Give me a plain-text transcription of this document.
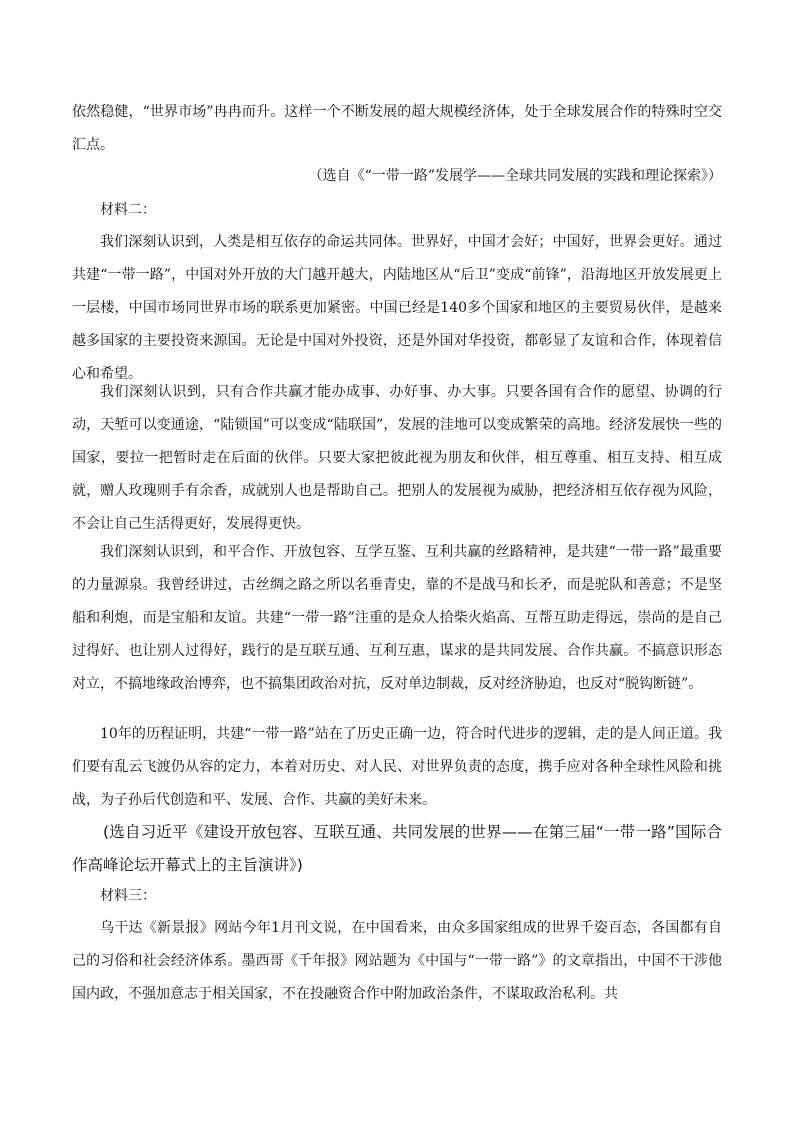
依然稳健，“世界市场”冉冉而升。这样一个不断发展的超大规模经济体，处于全球发展合作的特殊时空交汇点。
（选自《“一带一路”发展学——全球共同发展的实践和理论探索》）
材料二：
我们深刻认识到，人类是相互依存的命运共同体。世界好，中国才会好；中国好，世界会更好。通过共建“一带一路”，中国对外开放的大门越开越大，内陆地区从“后卫”变成“前锋”，沿海地区开放发展更上一层楼，中国市场同世界市场的联系更加紧密。中国已经是140多个国家和地区的主要贸易伙伴，是越来越多国家的主要投资来源国。无论是中国对外投资，还是外国对华投资，都彰显了友谊和合作，体现着信心和希望。
我们深刻认识到，只有合作共赢才能办成事、办好事、办大事。只要各国有合作的愿望、协调的行动，天堑可以变通途，“陆锁国”可以变成“陆联国”，发展的洼地可以变成繁荣的高地。经济发展快一些的国家，要拉一把暂时走在后面的伙伴。只要大家把彼此视为朋友和伙伴，相互尊重、相互支持、相互成就，赠人玫瑰则手有余香，成就别人也是帮助自己。把别人的发展视为威胁，把经济相互依存视为风险，不会让自己生活得更好，发展得更快。
我们深刻认识到，和平合作、开放包容、互学互鉴、互利共赢的丝路精神，是共建“一带一路”最重要的力量源泉。我曾经讲过，古丝绸之路之所以名垂青史，靠的不是战马和长矛，而是驼队和善意；不是坚船和利炮，而是宝船和友谊。共建“一带一路”注重的是众人拾柴火焰高、互帮互助走得远，崇尚的是自己过得好、也让别人过得好，践行的是互联互通、互利互惠，谋求的是共同发展、合作共赢。不搞意识形态对立，不搞地缘政治博弈，也不搞集团政治对抗，反对单边制裁，反对经济胁迫，也反对“脱钩断链”。
10年的历程证明，共建“一带一路”站在了历史正确一边，符合时代进步的逻辑，走的是人间正道。我们要有乱云飞渡仍从容的定力，本着对历史、对人民、对世界负责的态度，携手应对各种全球性风险和挑战，为子孙后代创造和平、发展、合作、共赢的美好未来。
(选自习近平《建设开放包容、互联互通、共同发展的世界——在第三届“一带一路”国际合作高峰论坛开幕式上的主旨演讲》)
材料三：
乌干达《新景报》网站今年1月刊文说，在中国看来，由众多国家组成的世界千姿百态，各国都有自己的习俗和社会经济体系。墨西哥《千年报》网站题为《中国与“一带一路”》的文章指出，中国不干涉他国内政，不强加意志于相关国家，不在投融资合作中附加政治条件，不谋取政治私利。共
